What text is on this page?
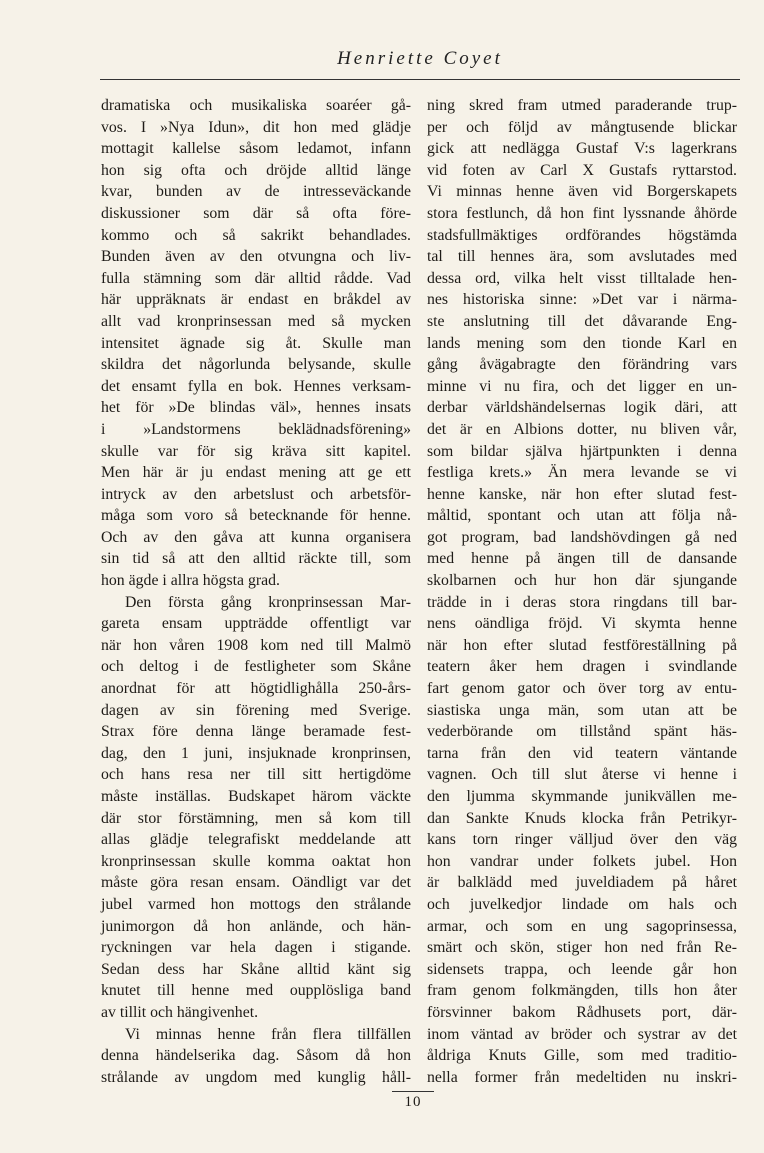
Henriette Coyet
dramatiska och musikaliska soaréer gå-
vos. I »Nya Idun», dit hon med glädje
mottagit kallelse såsom ledamot, infann
hon sig ofta och dröjde alltid länge
kvar, bunden av de intresseväckande
diskussioner som där så ofta före-
kommo och så sakrikt behandlades.
Bunden även av den otvungna och liv-
fulla stämning som där alltid rådde. Vad
här uppräknats är endast en bråkdel av
allt vad kronprinsessan med så mycken
intensitet ägnade sig åt. Skulle man
skildra det någorlunda belysande, skulle
det ensamt fylla en bok. Hennes verksam-
het för »De blindas väl», hennes insats
i »Landstormens beklädnadsförening»
skulle var för sig kräva sitt kapitel.
Men här är ju endast mening att ge ett
intryck av den arbetslust och arbetsför-
måga som voro så betecknande för henne.
Och av den gåva att kunna organisera
sin tid så att den alltid räckte till, som
hon ägde i allra högsta grad.
Den första gång kronprinsessan Mar-
gareta ensam uppträdde offentligt var
när hon våren 1908 kom ned till Malmö
och deltog i de festligheter som Skåne
anordnat för att högtidlighålla 250-års-
dagen av sin förening med Sverige.
Strax före denna länge beramade fest-
dag, den 1 juni, insjuknade kronprinsen,
och hans resa ner till sitt hertigdöme
måste inställas. Budskapet härom väckte
där stor förstämning, men så kom till
allas glädje telegrafiskt meddelande att
kronprinsessan skulle komma oaktat hon
måste göra resan ensam. Oändligt var det
jubel varmed hon mottogs den strålande
junimorgon då hon anlände, och hän-
ryckningen var hela dagen i stigande.
Sedan dess har Skåne alltid känt sig
knutet till henne med oupplösliga band
av tillit och hängivenhet.
Vi minnas henne från flera tillfällen
denna händelserika dag. Såsom då hon
strålande av ungdom med kunglig håll-
ning skred fram utmed paraderande trup-
per och följd av mångtusende blickar
gick att nedlägga Gustaf V:s lagerkrans
vid foten av Carl X Gustafs ryttarstod.
Vi minnas henne även vid Borgerskapets
stora festlunch, då hon fint lyssnande åhörde
stadsfullmäktiges ordförandes högstämda
tal till hennes ära, som avslutades med
dessa ord, vilka helt visst tilltalade hen-
nes historiska sinne: »Det var i närma-
ste anslutning till det dåvarande Eng-
lands mening som den tionde Karl en
gång åvägabragte den förändring vars
minne vi nu fira, och det ligger en un-
derbar världshändelsernas logik däri, att
det är en Albions dotter, nu bliven vår,
som bildar själva hjärtpunkten i denna
festliga krets.» Än mera levande se vi
henne kanske, när hon efter slutad fest-
måltid, spontant och utan att följa nå-
got program, bad landshövdingen gå ned
med henne på ängen till de dansande
skolbarnen och hur hon där sjungande
trädde in i deras stora ringdans till bar-
nens oändliga fröjd. Vi skymta henne
när hon efter slutad festföreställning på
teatern åker hem dragen i svindlande
fart genom gator och över torg av entu-
siastiska unga män, som utan att be
vederbörande om tillstånd spänt häs-
tarna från den vid teatern väntande
vagnen. Och till slut återse vi henne i
den ljumma skymmande junikvällen me-
dan Sankte Knuds klocka från Petrikyr-
kans torn ringer välljud över den väg
hon vandrar under folkets jubel. Hon
är balklädd med juveldiadem på håret
och juvelkedjor lindade om hals och
armar, och som en ung sagoprinsessa,
smärt och skön, stiger hon ned från Re-
sidensets trappa, och leende går hon
fram genom folkmängden, tills hon åter
försvinner bakom Rådhusets port, där-
inom väntad av bröder och systrar av det
åldriga Knuts Gille, som med traditio-
nella former från medeltiden nu inskri-
10
